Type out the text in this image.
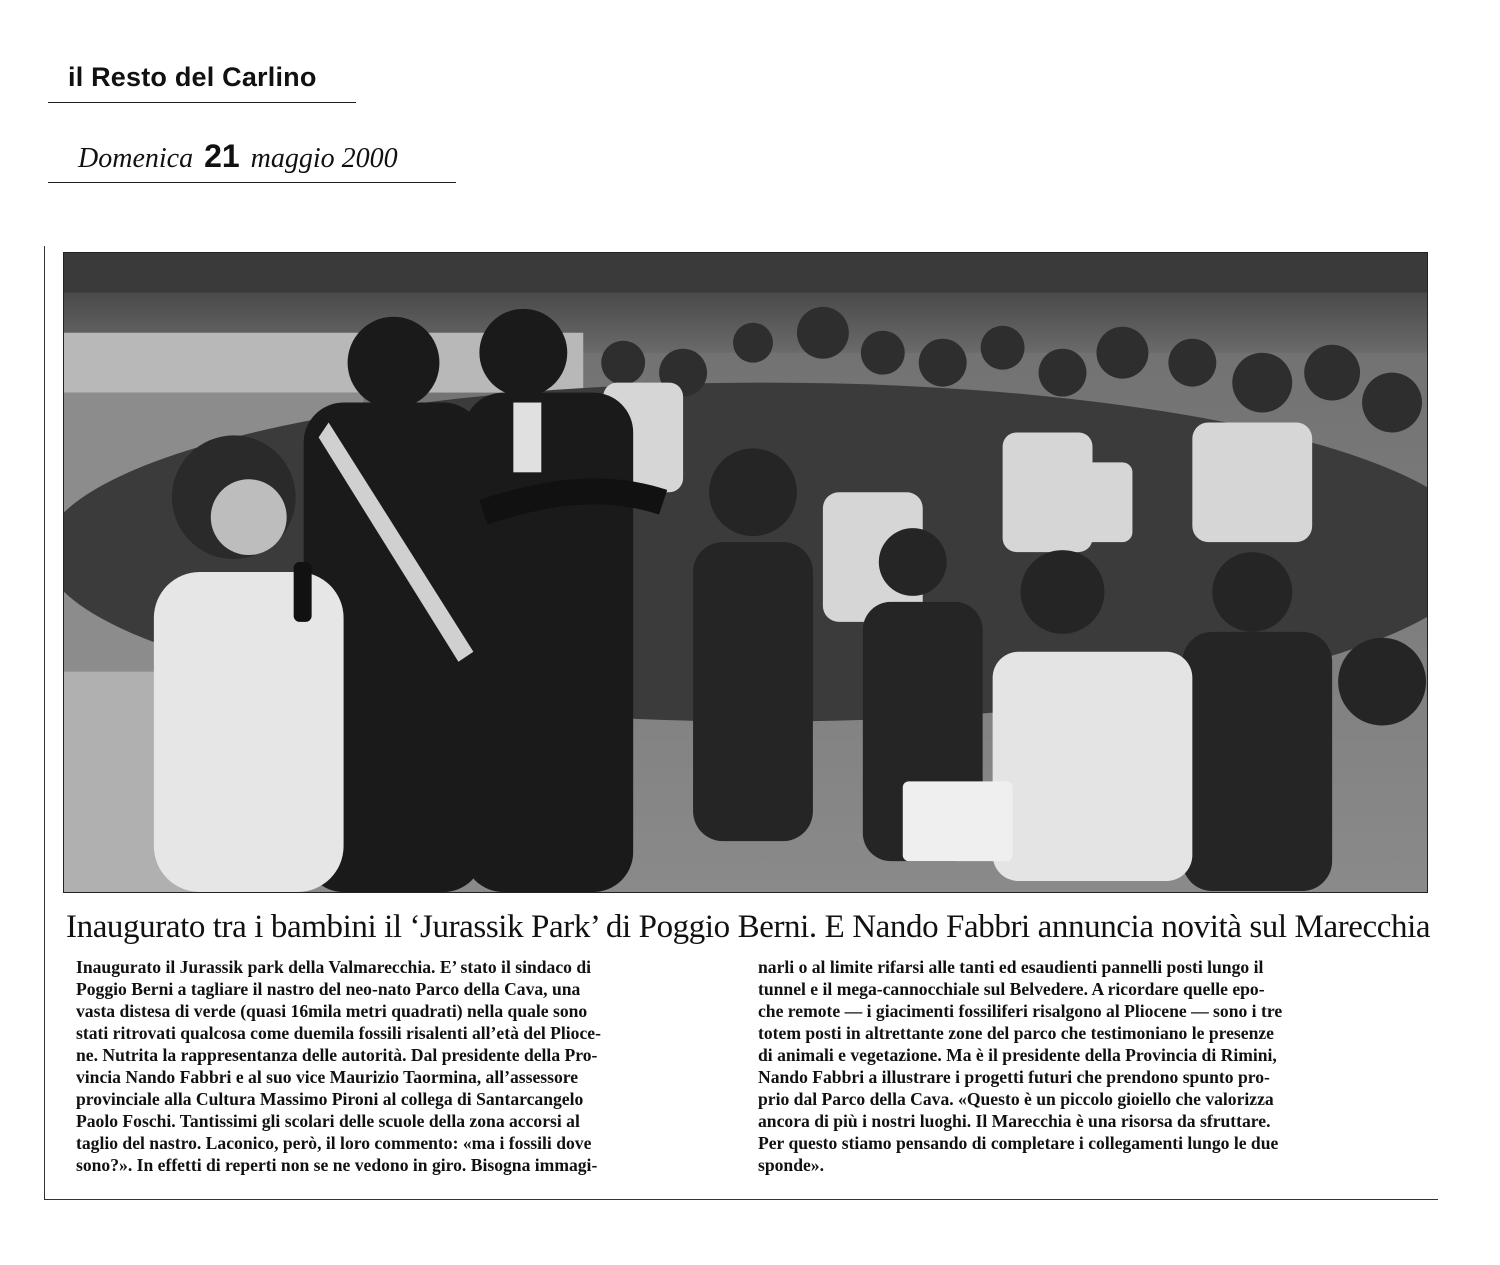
il Resto del Carlino
Domenica 21 maggio 2000
Inaugurato tra i bambini il ‘Jurassik Park’ di Poggio Berni. E Nando Fabbri annuncia novità sul Marecchia
Inaugurato il Jurassik park della Valmarecchia. E’ stato il sindaco di
Poggio Berni a tagliare il nastro del neo-nato Parco della Cava, una
vasta distesa di verde (quasi 16mila metri quadrati) nella quale sono
stati ritrovati qualcosa come duemila fossili risalenti all’età del Plioce-
ne. Nutrita la rappresentanza delle autorità. Dal presidente della Pro-
vincia Nando Fabbri e al suo vice Maurizio Taormina, all’assessore
provinciale alla Cultura Massimo Pironi al collega di Santarcangelo
Paolo Foschi. Tantissimi gli scolari delle scuole della zona accorsi al
taglio del nastro. Laconico, però, il loro commento: «ma i fossili dove
sono?». In effetti di reperti non se ne vedono in giro. Bisogna immagi-
narli o al limite rifarsi alle tanti ed esaudienti pannelli posti lungo il
tunnel e il mega-cannocchiale sul Belvedere. A ricordare quelle epo-
che remote — i giacimenti fossiliferi risalgono al Pliocene — sono i tre
totem posti in altrettante zone del parco che testimoniano le presenze
di animali e vegetazione. Ma è il presidente della Provincia di Rimini,
Nando Fabbri a illustrare i progetti futuri che prendono spunto pro-
prio dal Parco della Cava. «Questo è un piccolo gioiello che valorizza
ancora di più i nostri luoghi. Il Marecchia è una risorsa da sfruttare.
Per questo stiamo pensando di completare i collegamenti lungo le due
sponde».
